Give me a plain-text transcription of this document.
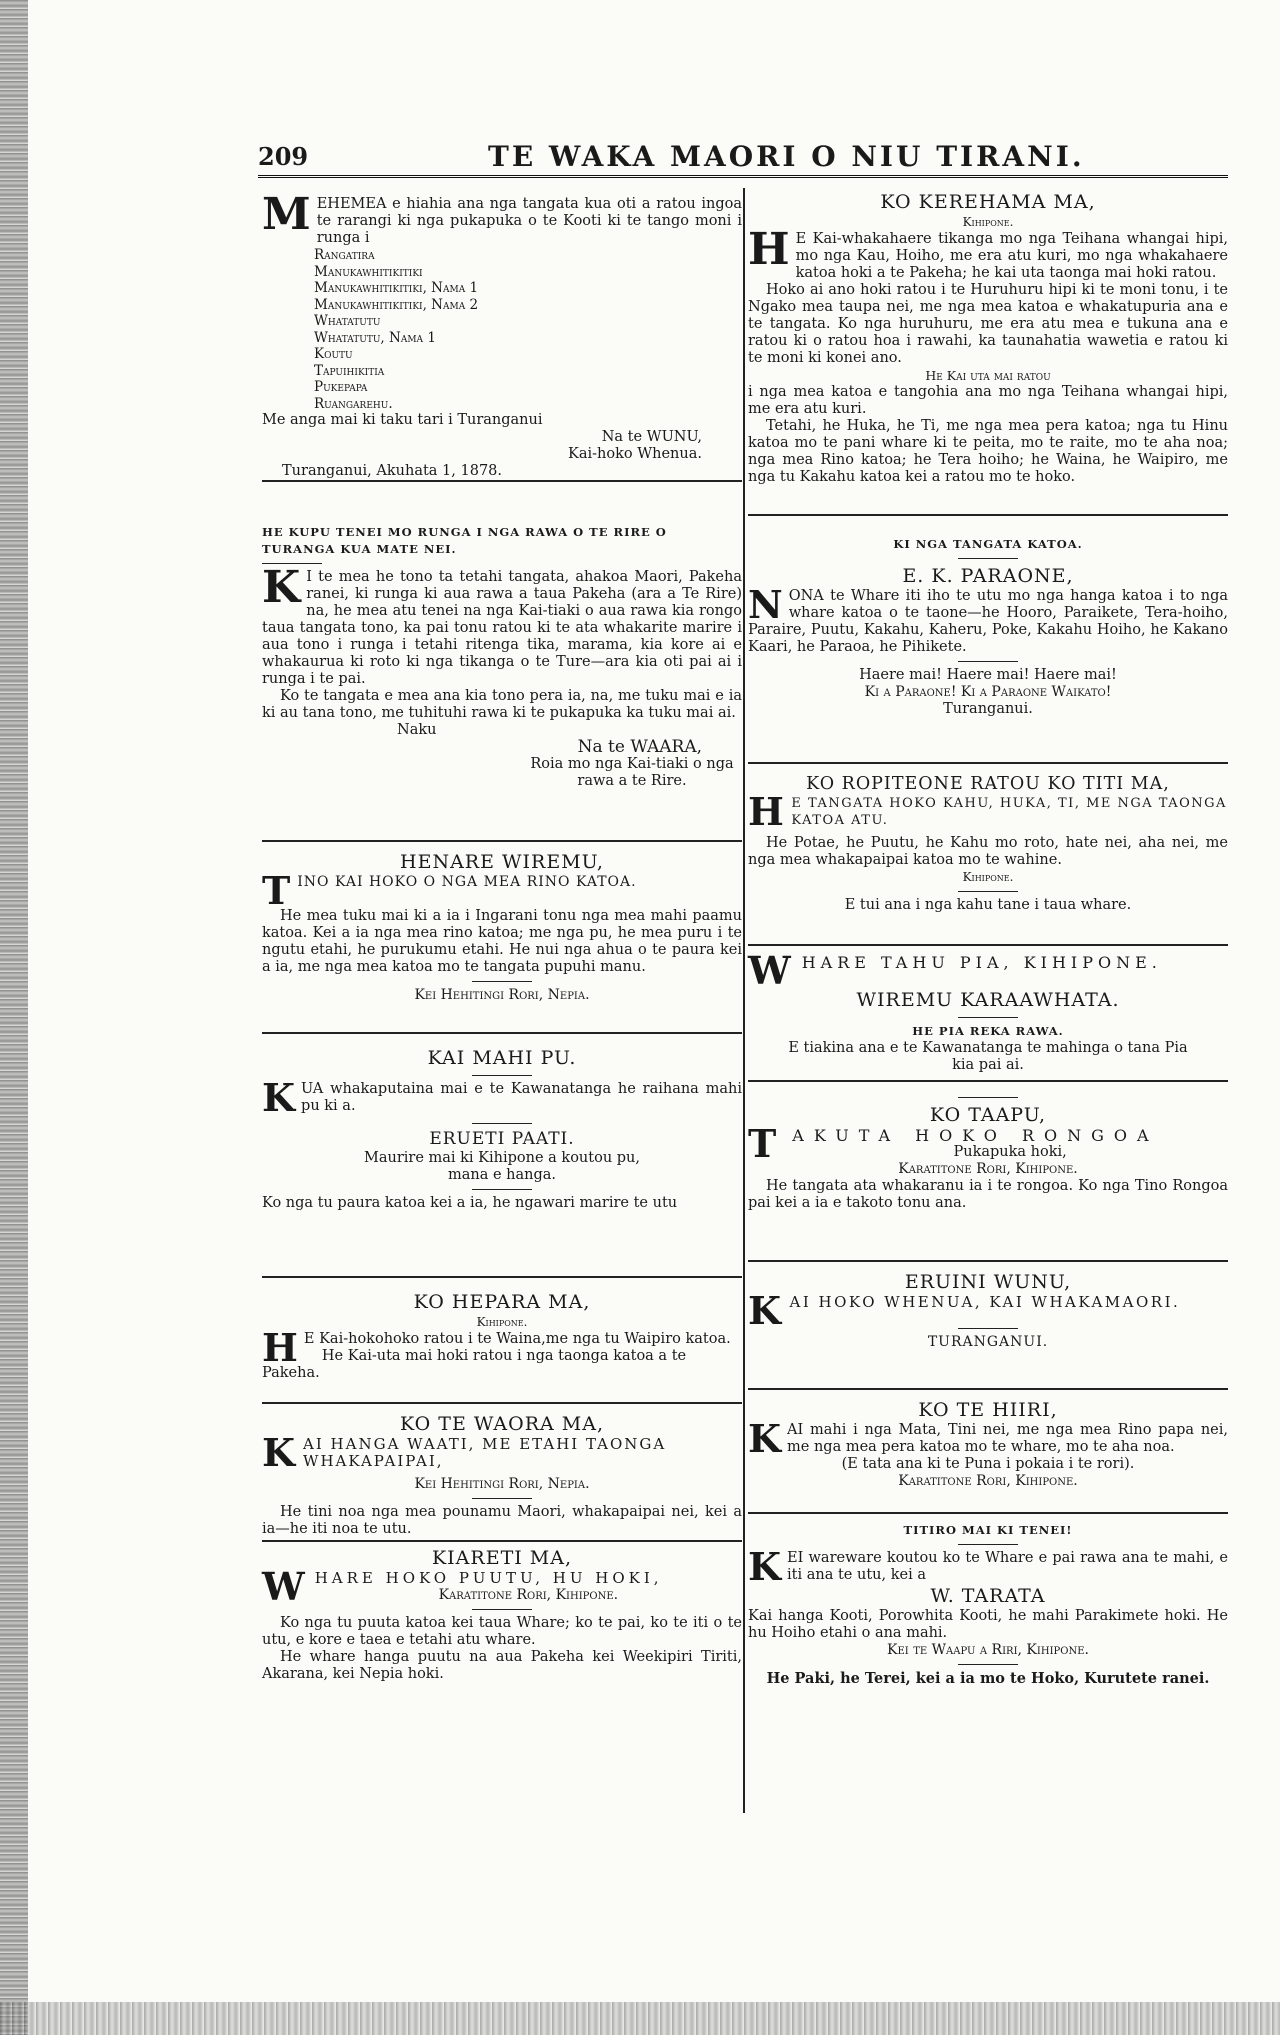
209	TE WAKA MAORI O NIU TIRANI.

MEHEMEA e hiahia ana nga tangata kua oti a ratou ingoa te rarangi ki nga pukapuka o te Kooti ki te tango moni i runga i

Rangatira
Manukawhitikitiki
Manukawhitikitiki, Nama 1
Manukawhitikitiki, Nama 2
Whatatutu
Whatatutu, Nama 1
Koutu
Tapuihikitia
Pukepapa
Ruangarehu.

Me anga mai ki taku tari i Turanganui

Na te WUNU,

Kai-hoko Whenua.

Turanganui, Akuhata 1, 1878.

HE KUPU TENEI MO RUNGA I NGA RAWA O TE RIRE O TURANGA KUA MATE NEI.

K I te mea he tono ta tetahi tangata, ahakoa Maori, Pakeha ranei, ki runga ki aua rawa a taua Pakeha (ara a Te Rire) na, he mea atu tenei na nga Kai-tiaki o aua rawa kia rongo taua tangata tono, ka pai tonu ratou ki te ata whakarite marire i aua tono i runga i tetahi ritenga tika, marama, kia kore ai e whakaurua ki roto ki nga tikanga o te Ture—ara kia oti pai ai i runga i te pai.

Ko te tangata e mea ana kia tono pera ia, na, me tuku mai e ia ki au tana tono, me tuhituhi rawa ki te pukapuka ka tuku mai ai.

Naku

Na te WAARA,

Roia mo nga Kai-tiaki o nga rawa a te Rire.

HENARE WIREMU,

TINO KAI HOKO O NGA MEA RINO KATOA.

He mea tuku mai ki a ia i Ingarani tonu nga mea mahi paamu katoa. Kei a ia nga mea rino katoa; me nga pu, he mea puru i te ngutu etahi, he purukumu etahi. He nui nga ahua o te paura kei a ia, me nga mea katoa mo te tangata pupuhi manu.

Kei Hehitingi Rori, Nepia.

KAI MAHI PU.

KUA whakaputaina mai e te Kawanatanga he raihana mahi pu ki a.

ERUETI PAATI.

Maurire mai ki Kihipone a koutou pu,

mana e hanga.

Ko nga tu paura katoa kei a ia, he ngawari marire te utu

KO HEPARA MA,

Kihipone.

H E Kai-hokohoko ratou i te Waina,me nga tu Waipiro katoa.

He Kai-uta mai hoki ratou i nga taonga katoa a te Pakeha.

KO TE WAORA MA,

KAI HANGA WAATI, ME ETAHI TAONGA WHAKAPAIPAI,

Kei Hehitingi Rori, Nepia.

He tini noa nga mea pounamu Maori, whakapaipai nei, kei a ia—he iti noa te utu.

KIARETI MA,

WHARE HOKO PUUTU, HU HOKI,

Karatitone Rori, Kihipone.

Ko nga tu puuta katoa kei taua Whare; ko te pai, ko te iti o te utu, e kore e taea e tetahi atu whare.

He whare hanga puutu na aua Pakeha kei Weekipiri Tiriti, Akarana, kei Nepia hoki.

KO KEREHAMA MA,

Kihipone.

H E Kai-whakahaere tikanga mo nga Teihana whangai hipi, mo nga Kau, Hoiho, me era atu kuri, mo nga whakahaere katoa hoki a te Pakeha; he kai uta taonga mai hoki ratou.

Hoko ai ano hoki ratou i te Huruhuru hipi ki te moni tonu, i te Ngako mea taupa nei, me nga mea katoa e whakatupuria ana e te tangata. Ko nga huruhuru, me era atu mea e tukuna ana e ratou ki o ratou hoa i rawahi, ka taunahatia wawetia e ratou ki te moni ki konei ano.

He Kai uta mai ratou

i nga mea katoa e tangohia ana mo nga Teihana whangai hipi, me era atu kuri.

Tetahi, he Huka, he Ti, me nga mea pera katoa; nga tu Hinu katoa mo te pani whare ki te peita, mo te raite, mo te aha noa; nga mea Rino katoa; he Tera hoiho; he Waina, he Waipiro, me nga tu Kakahu katoa kei a ratou mo te hoko.

KI NGA TANGATA KATOA.

E. K. PARAONE,

NONA te Whare iti iho te utu mo nga hanga katoa i to nga whare katoa o te taone—he Hooro, Paraikete, Tera-hoiho, Paraire, Puutu, Kakahu, Kaheru, Poke, Kakahu Hoiho, he Kakano Kaari, he Paraoa, he Pihikete.

Haere mai! Haere mai! Haere mai!

Ki a Paraone! Ki a Paraone Waikato!

Turanganui.

KO ROPITEONE RATOU KO TITI MA,

H E TANGATA HOKO KAHU, HUKA, TI, ME NGA TAONGA KATOA ATU.

He Potae, he Puutu, he Kahu mo roto, hate nei, aha nei, me nga mea whakapaipai katoa mo te wahine.

Kihipone.

E tui ana i nga kahu tane i taua whare.

WHARE TAHU PIA, KIHIPONE.

WIREMU KARAAWHATA.

HE PIA REKA RAWA.

E tiakina ana e te Kawanatanga te mahinga o tana Pia kia pai ai.

KO TAAPU,

TAKUTA HOKO RONGOA

Pukapuka hoki,

Karatitone Rori, Kihipone.

He tangata ata whakaranu ia i te rongoa. Ko nga Tino Rongoa pai kei a ia e takoto tonu ana.

ERUINI WUNU,

KAI HOKO WHENUA, KAI WHAKAMAORI.

TURANGANUI.

KO TE HIIRI,

KAI mahi i nga Mata, Tini nei, me nga mea Rino papa nei, me nga mea pera katoa mo te whare, mo te aha noa.

(E tata ana ki te Puna i pokaia i te rori).

Karatitone Rori, Kihipone.

TITIRO MAI KI TENEI!

KEI wareware koutou ko te Whare e pai rawa ana te mahi, e iti ana te utu, kei a

W. TARATA

Kai hanga Kooti, Porowhita Kooti, he mahi Parakimete hoki. He hu Hoiho etahi o ana mahi.

Kei te Waapu a Riri, Kihipone.

He Paki, he Terei, kei a ia mo te Hoko, Kurutete ranei.
